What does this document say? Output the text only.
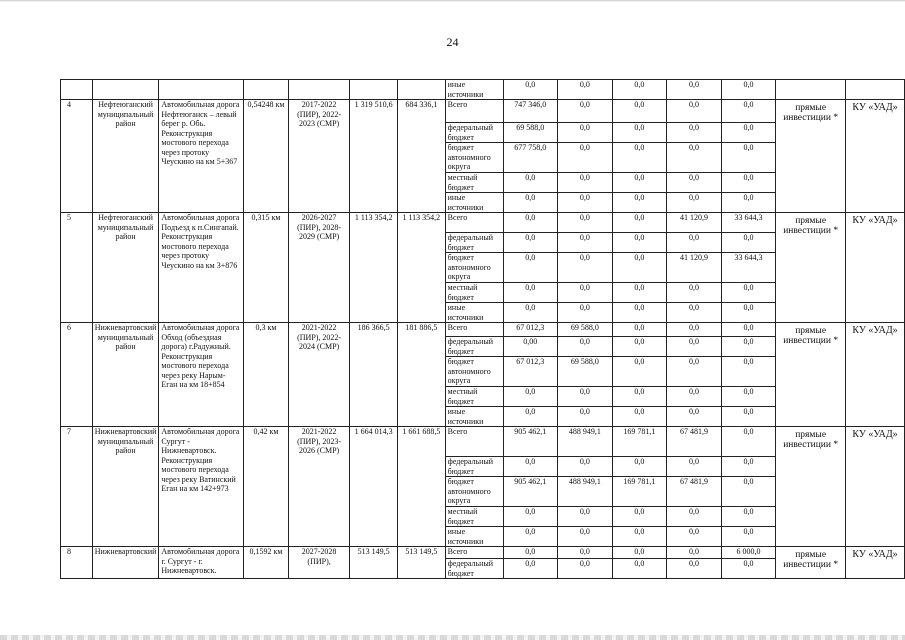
24
							иные источники	0,0	0,0	0,0	0,0	0,0		
4	Нефтеюганский муниципальный район	Автомобильная дорога Нефтеюганск – левый берег р. Обь. Реконструкция мостового перехода через протоку Чеускино на км 5+367	0,54248 км	2017-2022 (ПИР), 2022-2023 (СМР)	1 319 510,6	684 336,1	Всего	747 346,0	0,0	0,0	0,0	0,0	прямые инвестиции *	КУ «УАД»
							федеральный бюджет	69 588,0	0,0	0,0	0,0	0,0		
							бюджет автономного округа	677 758,0	0,0	0,0	0,0	0,0		
							местный бюджет	0,0	0,0	0,0	0,0	0,0		
							иные источники	0,0	0,0	0,0	0,0	0,0		
5	Нефтеюганский муниципальный район	Автомобильная дорога Подъезд к п.Сингапай. Реконструкция мостового перехода через протоку Чеускино на км 3+876	0,315 км	2026-2027 (ПИР), 2028-2029 (СМР)	1 113 354,2	1 113 354,2	Всего	0,0	0,0	0,0	41 120,9	33 644,3	прямые инвестиции *	КУ «УАД»
							федеральный бюджет	0,0	0,0	0,0	0,0	0,0		
							бюджет автономного округа	0,0	0,0	0,0	41 120,9	33 644,3		
							местный бюджет	0,0	0,0	0,0	0,0	0,0		
							иные источники	0,0	0,0	0,0	0,0	0,0		
6	Нижневартовский муниципальный район	Автомобильная дорога Обход (объездная дорога) г.Радужный. Реконструкция мостового перехода через реку Нарым-Еган на км 18+854	0,3 км	2021-2022 (ПИР), 2022-2024 (СМР)	186 366,5	181 886,5	Всего	67 012,3	69 588,0	0,0	0,0	0,0	прямые инвестиции *	КУ «УАД»
							федеральный бюджет	0,00	0,0	0,0	0,0	0,0		
							бюджет автономного округа	67 012,3	69 588,0	0,0	0,0	0,0		
							местный бюджет	0,0	0,0	0,0	0,0	0,0		
							иные источники	0,0	0,0	0,0	0,0	0,0		
7	Нижневартовский муниципальный район	Автомобильная дорога Сургут - Нижневартовск. Реконструкция мостового перехода через реку Ватинский Еган на км 142+973	0,42 км	2021-2022 (ПИР), 2023-2026 (СМР)	1 664 014,3	1 661 688,5	Всего	905 462,1	488 949,1	169 781,1	67 481,9	0,0	прямые инвестиции *	КУ «УАД»
							федеральный бюджет	0,0	0,0	0,0	0,0	0,0		
							бюджет автономного округа	905 462,1	488 949,1	169 781,1	67 481,9	0,0		
							местный бюджет	0,0	0,0	0,0	0,0	0,0		
							иные источники	0,0	0,0	0,0	0,0	0,0		
8	Нижневартовский	Автомобильная дорога г. Сургут - г. Нижневартовск.	0,1592 км	2027-2028 (ПИР),	513 149,5	513 149,5	Всего	0,0	0,0	0,0	0,0	6 000,0	прямые инвестиции *	КУ «УАД»
							федеральный бюджет	0,0	0,0	0,0	0,0	0,0		
